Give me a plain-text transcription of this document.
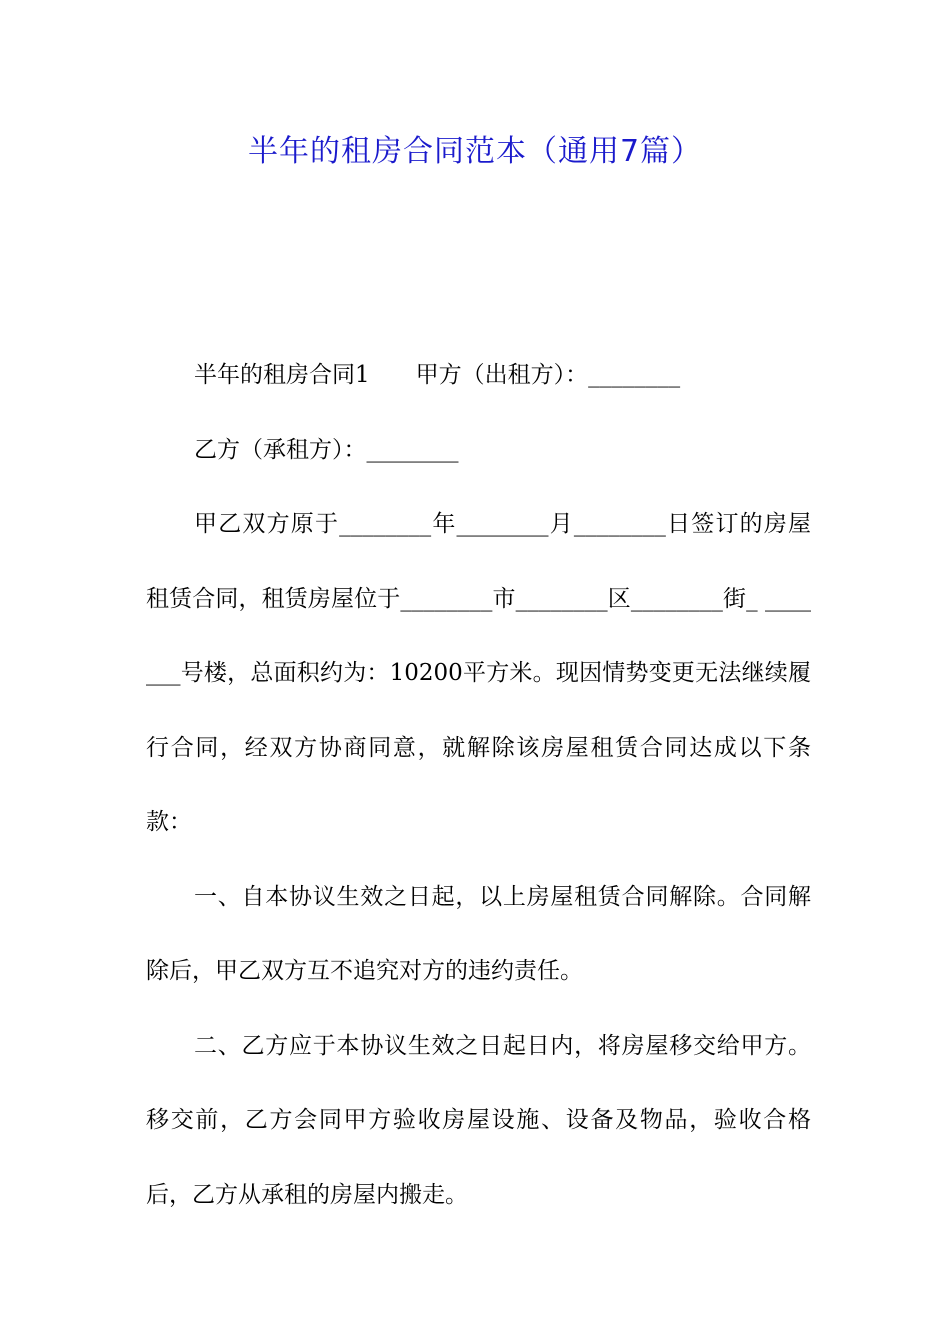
半年的租房合同范本（通用7篇）

半年的租房合同1　　甲方（出租方）：________

乙方（承租方）：________

甲乙双方原于________年________月________日签订的房屋租赁合同，租赁房屋位于________市________区________街_ _______号楼，总面积约为：10200平方米。现因情势变更无法继续履行合同，经双方协商同意，就解除该房屋租赁合同达成以下条款：

一、自本协议生效之日起，以上房屋租赁合同解除。合同解除后，甲乙双方互不追究对方的违约责任。

二、乙方应于本协议生效之日起日内，将房屋移交给甲方。移交前，乙方会同甲方验收房屋设施、设备及物品，验收合格后，乙方从承租的房屋内搬走。
